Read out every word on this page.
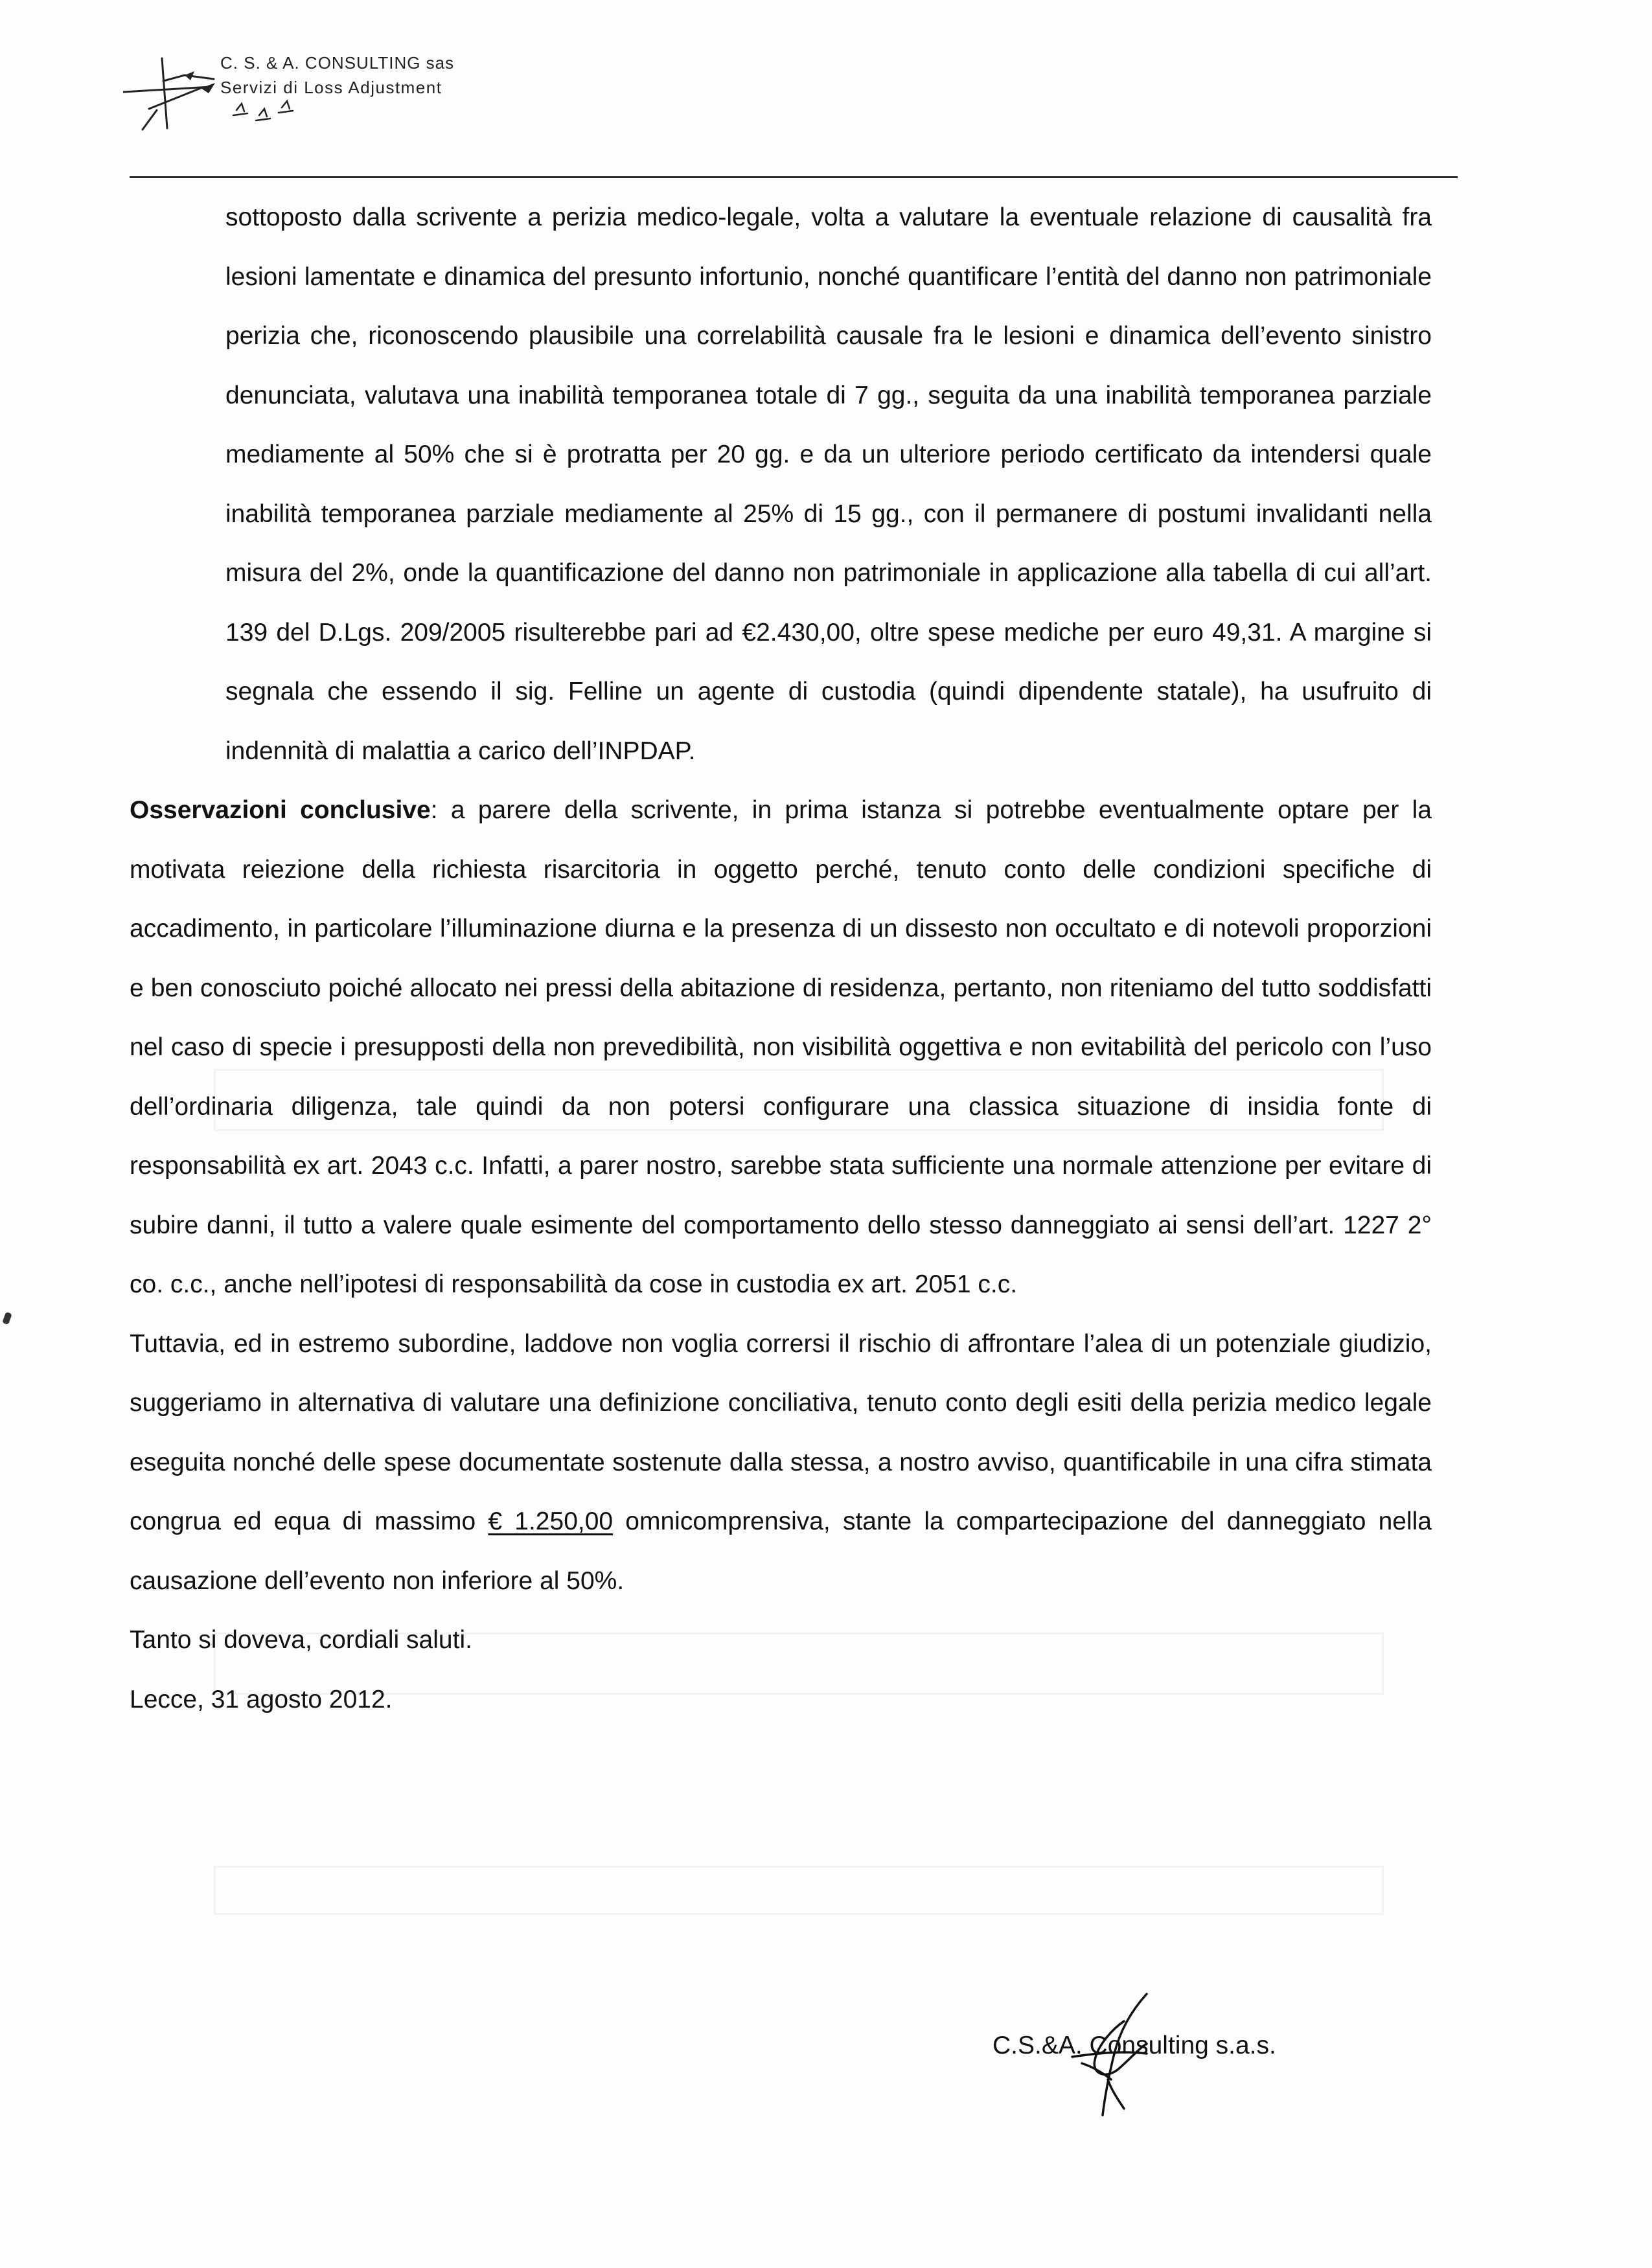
C. S. & A. CONSULTING sas
Servizi di Loss Adjustment

sottoposto dalla scrivente a perizia medico-legale, volta a valutare la eventuale relazione di causalità fra lesioni lamentate e dinamica del presunto infortunio, nonché quantificare l’entità del danno non patrimoniale perizia che, riconoscendo plausibile una correlabilità causale fra le lesioni e dinamica dell’evento sinistro denunciata, valutava una inabilità temporanea totale di 7 gg., seguita da una inabilità temporanea parziale mediamente al 50% che si è protratta per 20 gg. e da un ulteriore periodo certificato da intendersi quale inabilità temporanea parziale mediamente al 25% di 15 gg., con il permanere di postumi invalidanti nella misura del 2%, onde la quantificazione del danno non patrimoniale in applicazione alla tabella di cui all’art. 139 del D.Lgs. 209/2005 risulterebbe pari ad €2.430,00, oltre spese mediche per euro 49,31. A margine si segnala che essendo il sig. Felline un agente di custodia (quindi dipendente statale), ha usufruito di indennità di malattia a carico dell’INPDAP.

Osservazioni conclusive: a parere della scrivente, in prima istanza si potrebbe eventualmente optare per la motivata reiezione della richiesta risarcitoria in oggetto perché, tenuto conto delle condizioni specifiche di accadimento, in particolare l’illuminazione diurna e la presenza di un dissesto non occultato e di notevoli proporzioni e ben conosciuto poiché allocato nei pressi della abitazione di residenza, pertanto, non riteniamo del tutto soddisfatti nel caso di specie i presupposti della non prevedibilità, non visibilità oggettiva e non evitabilità del pericolo con l’uso dell’ordinaria diligenza, tale quindi da non potersi configurare una classica situazione di insidia fonte di responsabilità ex art. 2043 c.c. Infatti, a parer nostro, sarebbe stata sufficiente una normale attenzione per evitare di subire danni, il tutto a valere quale esimente del comportamento dello stesso danneggiato ai sensi dell’art. 1227 2° co. c.c., anche nell’ipotesi di responsabilità da cose in custodia ex art. 2051 c.c.

Tuttavia, ed in estremo subordine, laddove non voglia corrersi il rischio di affrontare l’alea di un potenziale giudizio, suggeriamo in alternativa di valutare una definizione conciliativa, tenuto conto degli esiti della perizia medico legale eseguita nonché delle spese documentate sostenute dalla stessa, a nostro avviso, quantificabile in una cifra stimata congrua ed equa di massimo € 1.250,00 omnicomprensiva, stante la compartecipazione del danneggiato nella causazione dell’evento non inferiore al 50%.

Tanto si doveva, cordiali saluti.

Lecce, 31 agosto 2012.

C.S.&A. Consulting s.a.s.
